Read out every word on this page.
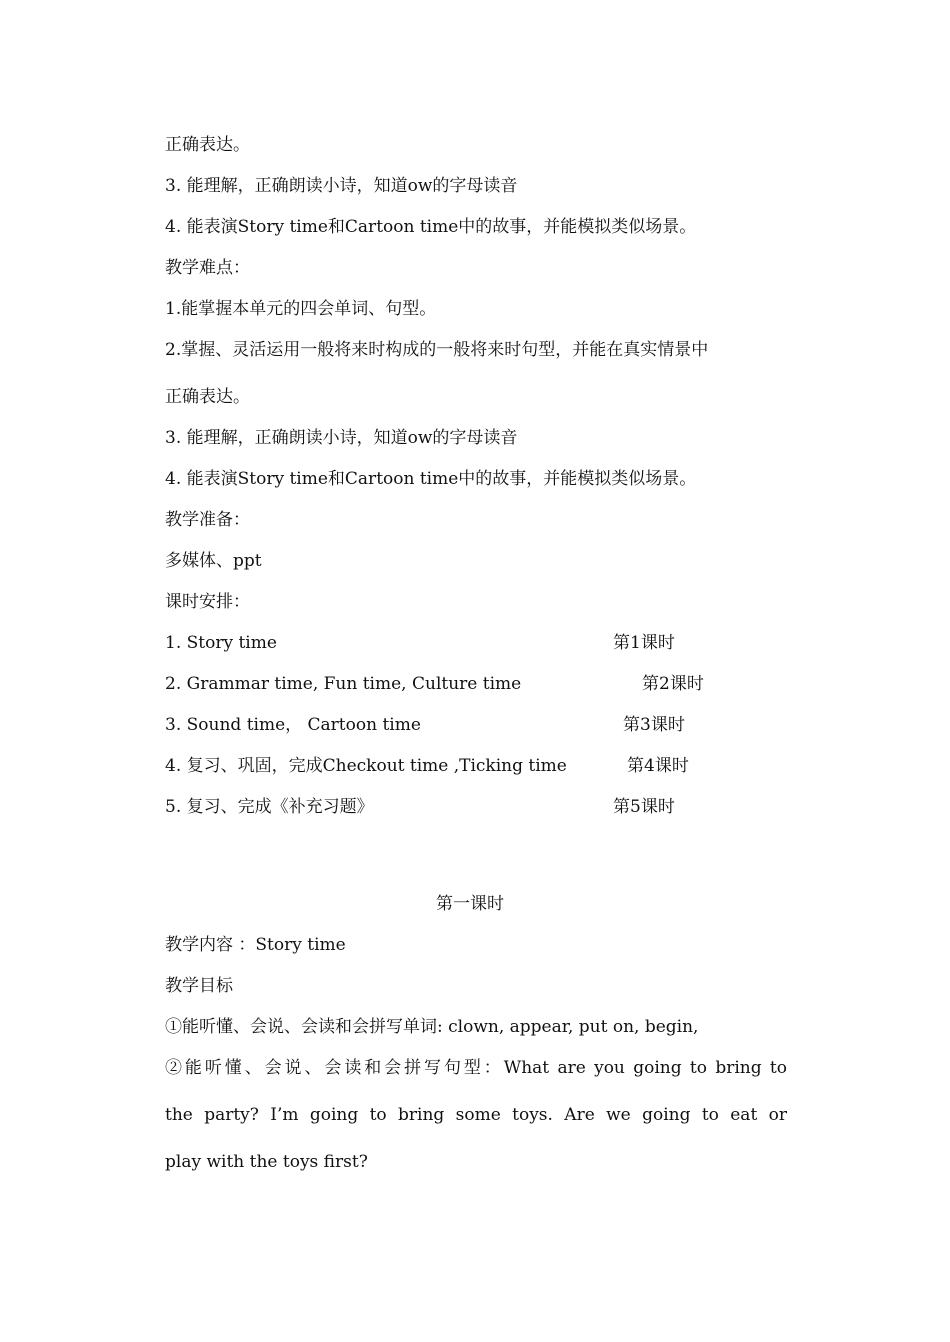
正确表达。
3. 能理解，正确朗读小诗，知道ow的字母读音
4. 能表演Story time和Cartoon time中的故事，并能模拟类似场景。
教学难点：
1.能掌握本单元的四会单词、句型。
2.掌握、灵活运用一般将来时构成的一般将来时句型，并能在真实情景中
正确表达。
3. 能理解，正确朗读小诗，知道ow的字母读音
4. 能表演Story time和Cartoon time中的故事，并能模拟类似场景。
教学准备：
多媒体、ppt
课时安排：
1. Story time	第1课时
2. Grammar time, Fun time, Culture time	第2课时
3. Sound time， Cartoon time	第3课时
4. 复习、巩固，完成Checkout time ,Ticking time	第4课时
5. 复习、完成《补充习题》	第5课时
第一课时
教学内容 ：Story time
教学目标
①能听懂、会说、会读和会拼写单词: clown, appear, put on, begin,
②能听懂、会说、会读和会拼写句型：What are you going to bring to
the party? I’m going to bring some toys. Are we going to eat or
play with the toys first?
